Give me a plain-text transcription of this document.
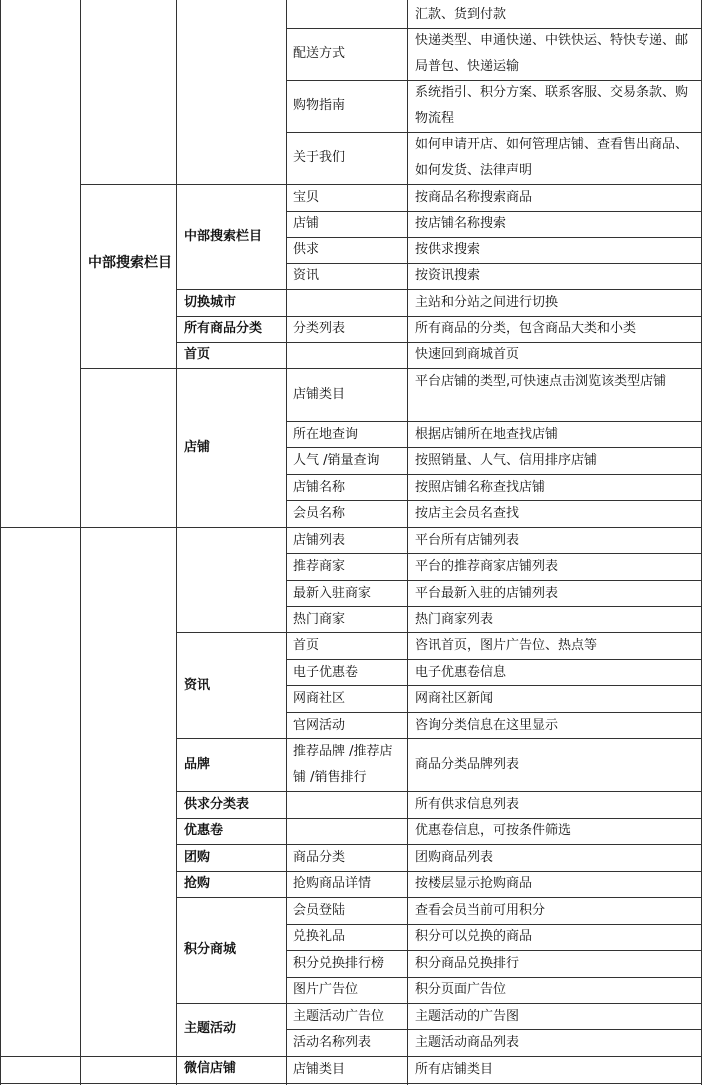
中部搜索栏目
中部搜索栏目
切换城市
所有商品分类
首页
店铺
资讯
品牌
供求分类表
优惠卷
团购
抢购
积分商城
主题活动
微信店铺
配送方式
购物指南
关于我们
宝贝
店铺
供求
资讯
分类列表
店铺类目
所在地查询
人气 /销量查询
店铺名称
会员名称
店铺列表
推荐商家
最新入驻商家
热门商家
首页
电子优惠卷
网商社区
官网活动
推荐品牌 /推荐店铺 /销售排行
商品分类
抢购商品详情
会员登陆
兑换礼品
积分兑换排行榜
图片广告位
主题活动广告位
活动名称列表
店铺类目
汇款、货到付款
快递类型、申通快递、中铁快运、特快专递、邮局普包、快递运输
系统指引、积分方案、联系客服、交易条款、购物流程
如何申请开店、如何管理店铺、查看售出商品、如何发货、法律声明
按商品名称搜索商品
按店铺名称搜索
按供求搜索
按资讯搜索
主站和分站之间进行切换
所有商品的分类，包含商品大类和小类
快速回到商城首页
平台店铺的类型,可快速点击浏览该类型店铺
根据店铺所在地查找店铺
按照销量、人气、信用排序店铺
按照店铺名称查找店铺
按店主会员名查找
平台所有店铺列表
平台的推荐商家店铺列表
平台最新入驻的店铺列表
热门商家列表
咨讯首页，图片广告位、热点等
电子优惠卷信息
网商社区新闻
咨询分类信息在这里显示
商品分类品牌列表
所有供求信息列表
优惠卷信息，可按条件筛选
团购商品列表
按楼层显示抢购商品
查看会员当前可用积分
积分可以兑换的商品
积分商品兑换排行
积分页面广告位
主题活动的广告图
主题活动商品列表
所有店铺类目
